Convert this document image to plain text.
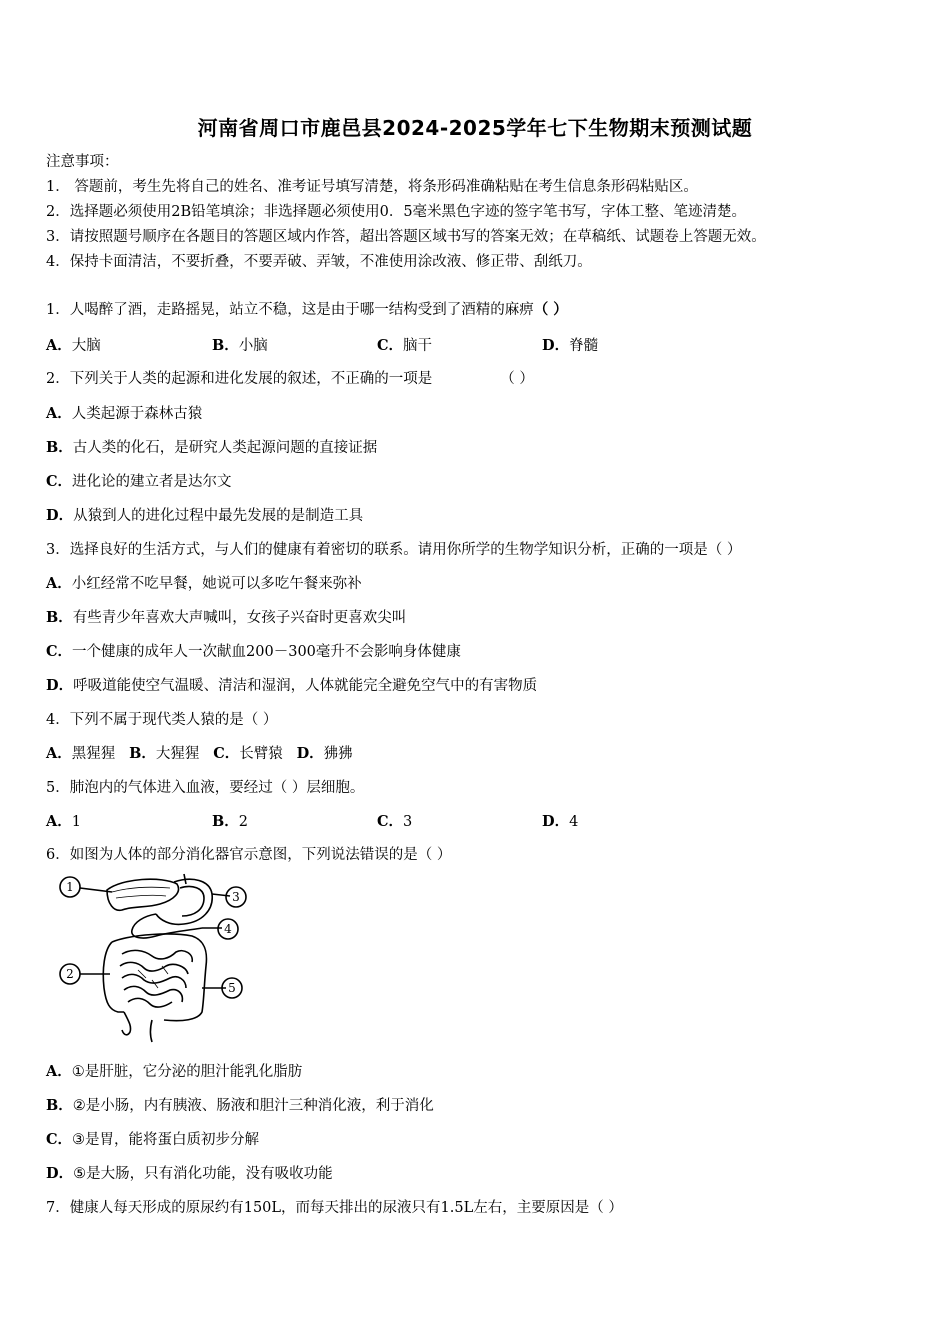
河南省周口市鹿邑县2024-2025学年七下生物期末预测试题
注意事项：
1． 答题前，考生先将自己的姓名、准考证号填写清楚，将条形码准确粘贴在考生信息条形码粘贴区。
2．选择题必须使用2B铅笔填涂；非选择题必须使用0．5毫米黑色字迹的签字笔书写，字体工整、笔迹清楚。
3．请按照题号顺序在各题目的答题区域内作答，超出答题区域书写的答案无效；在草稿纸、试题卷上答题无效。
4．保持卡面清洁，不要折叠，不要弄破、弄皱，不准使用涂改液、修正带、刮纸刀。
1．人喝醉了酒，走路摇晃，站立不稳，这是由于哪一结构受到了酒精的麻痹（ ）
A．大脑	B．小脑	C．脑干	D．脊髓
2．下列关于人类的起源和进化发展的叙述，不正确的一项是	（ ）
A．人类起源于森林古猿
B．古人类的化石，是研究人类起源问题的直接证据
C．进化论的建立者是达尔文
D．从猿到人的进化过程中最先发展的是制造工具
3．选择良好的生活方式，与人们的健康有着密切的联系。请用你所学的生物学知识分析，正确的一项是（ ）
A．小红经常不吃早餐，她说可以多吃午餐来弥补
B．有些青少年喜欢大声喊叫，女孩子兴奋时更喜欢尖叫
C．一个健康的成年人一次献血200－300毫升不会影响身体健康
D．呼吸道能使空气温暖、清洁和湿润，人体就能完全避免空气中的有害物质
4．下列不属于现代类人猿的是（ ）
A．黑猩猩 B．大猩猩 C．长臂猿 D．狒狒
5．肺泡内的气体进入血液，要经过（ ）层细胞。
A．1	B．2	C．3	D．4
6．如图为人体的部分消化器官示意图，下列说法错误的是（ ）
1
2
3
4
5
A．①是肝脏，它分泌的胆汁能乳化脂肪
B．②是小肠，内有胰液、肠液和胆汁三种消化液，利于消化
C．③是胃，能将蛋白质初步分解
D．⑤是大肠，只有消化功能，没有吸收功能
7．健康人每天形成的原尿约有150L，而每天排出的尿液只有1.5L左右，主要原因是（ ）
